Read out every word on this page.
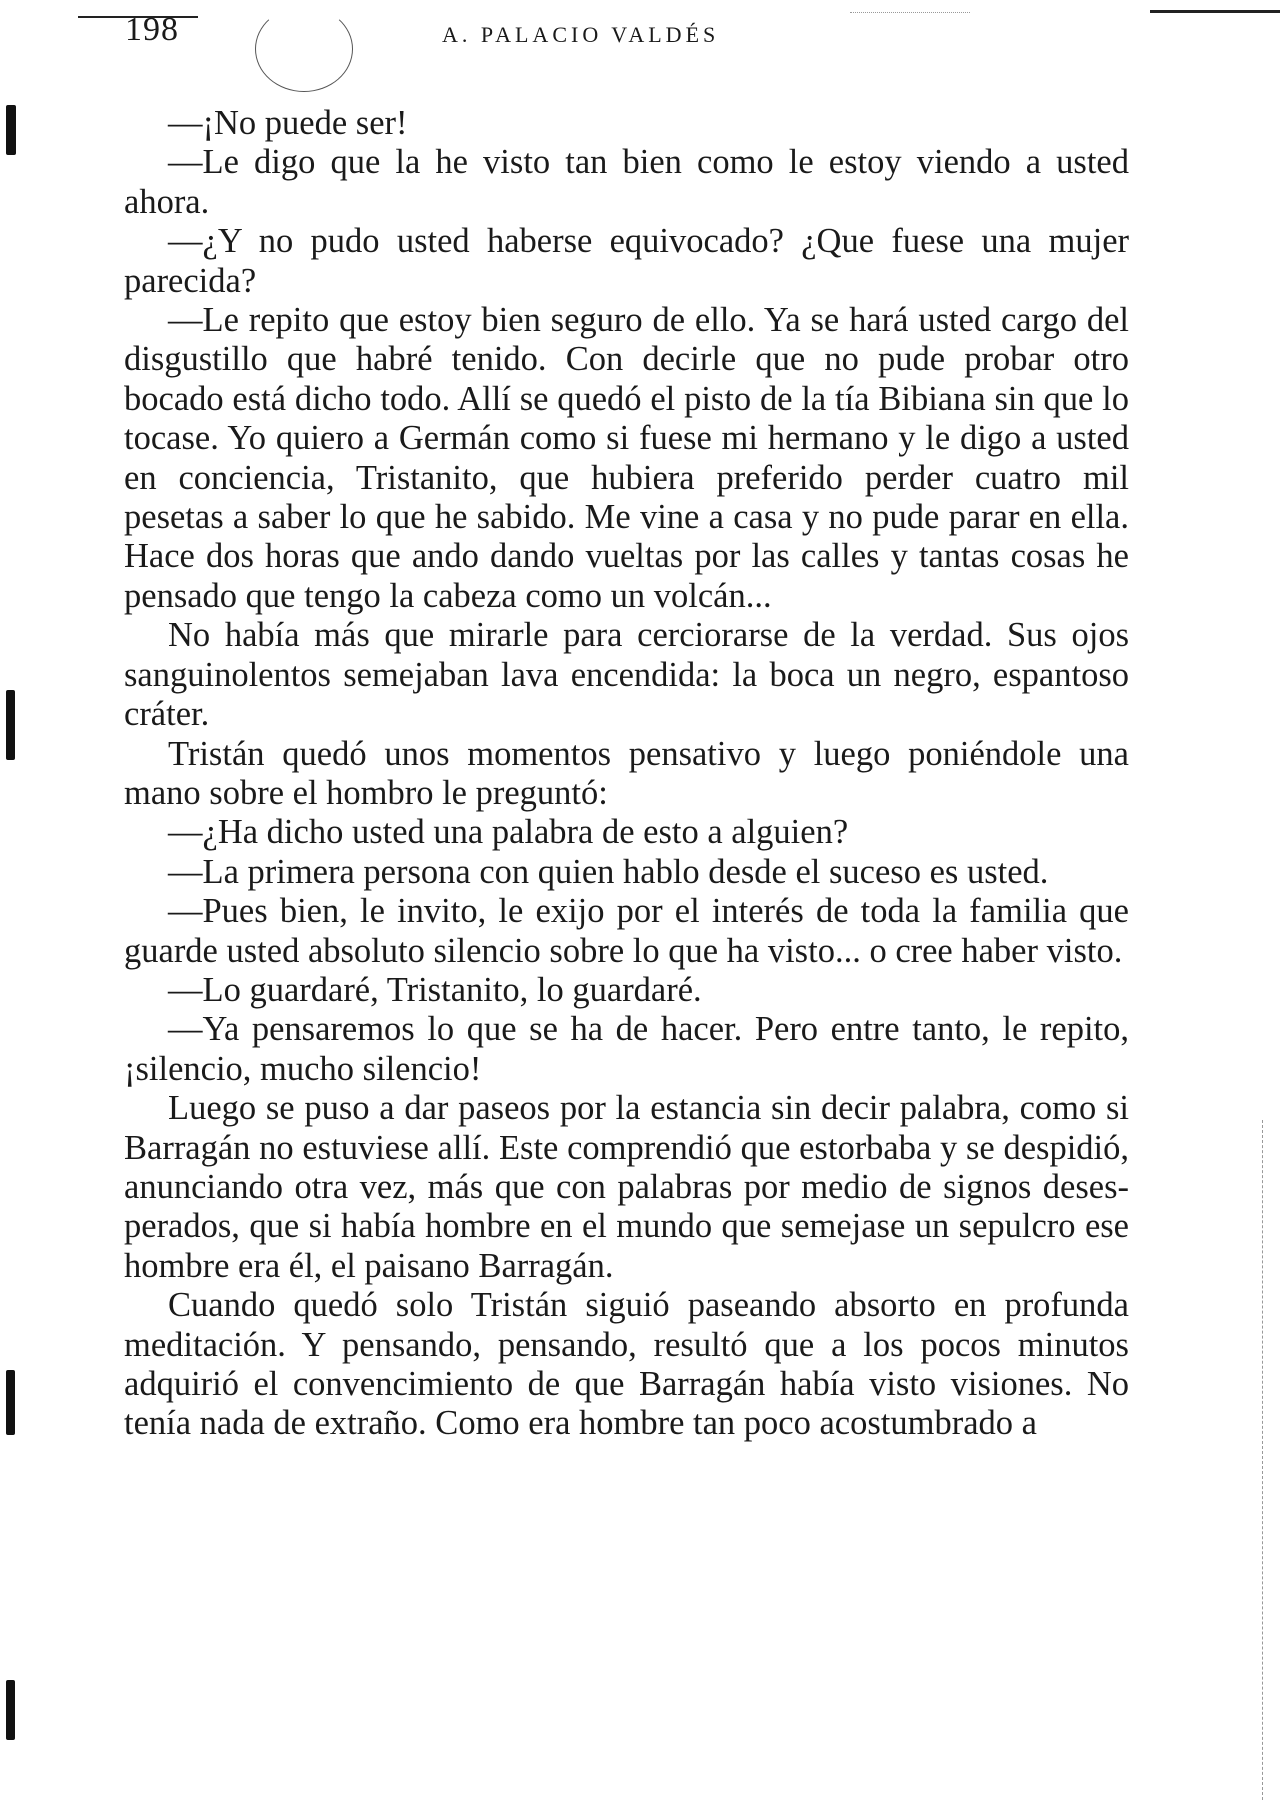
198	A. PALACIO VALDÉS

—¡No puede ser!

—Le digo que la he visto tan bien como le estoy viendo a usted ahora.

—¿Y no pudo usted haberse equivocado? ¿Que fuese una mujer parecida?

—Le repito que estoy bien seguro de ello. Ya se hará usted cargo del disgustillo que habré tenido. Con decirle que no pude probar otro bocado está dicho todo. Allí se quedó el pisto de la tía Bibiana sin que lo tocase. Yo quiero a Germán como si fuese mi hermano y le digo a usted en conciencia, Tristanito, que hubiera preferido perder cuatro mil pesetas a saber lo que he sabido. Me vine a casa y no pude parar en ella. Hace dos horas que ando dando vueltas por las calles y tantas cosas he pensado que tengo la cabeza como un volcán...

No había más que mirarle para cerciorarse de la verdad. Sus ojos sanguinolentos semejaban lava encendida: la boca un negro, espantoso cráter.

Tristán quedó unos momentos pensativo y luego poniéndole una mano sobre el hombro le preguntó:

—¿Ha dicho usted una palabra de esto a alguien?

—La primera persona con quien hablo desde el suceso es usted.

—Pues bien, le invito, le exijo por el interés de toda la familia que guarde usted absoluto silencio sobre lo que ha visto... o cree haber visto.

—Lo guardaré, Tristanito, lo guardaré.

—Ya pensaremos lo que se ha de hacer. Pero entre tanto, le repito, ¡silencio, mucho silencio!

Luego se puso a dar paseos por la estancia sin decir palabra, como si Barragán no estuviese allí. Este comprendió que estorbaba y se despidió, anunciando otra vez, más que con palabras por medio de signos desesperados, que si había hombre en el mundo que semejase un sepulcro ese hombre era él, el paisano Barragán.

Cuando quedó solo Tristán siguió paseando absorto en profunda meditación. Y pensando, pensando, resultó que a los pocos minutos adquirió el convencimiento de que Barragán había visto visiones. No tenía nada de extraño. Como era hombre tan poco acostumbrado a
